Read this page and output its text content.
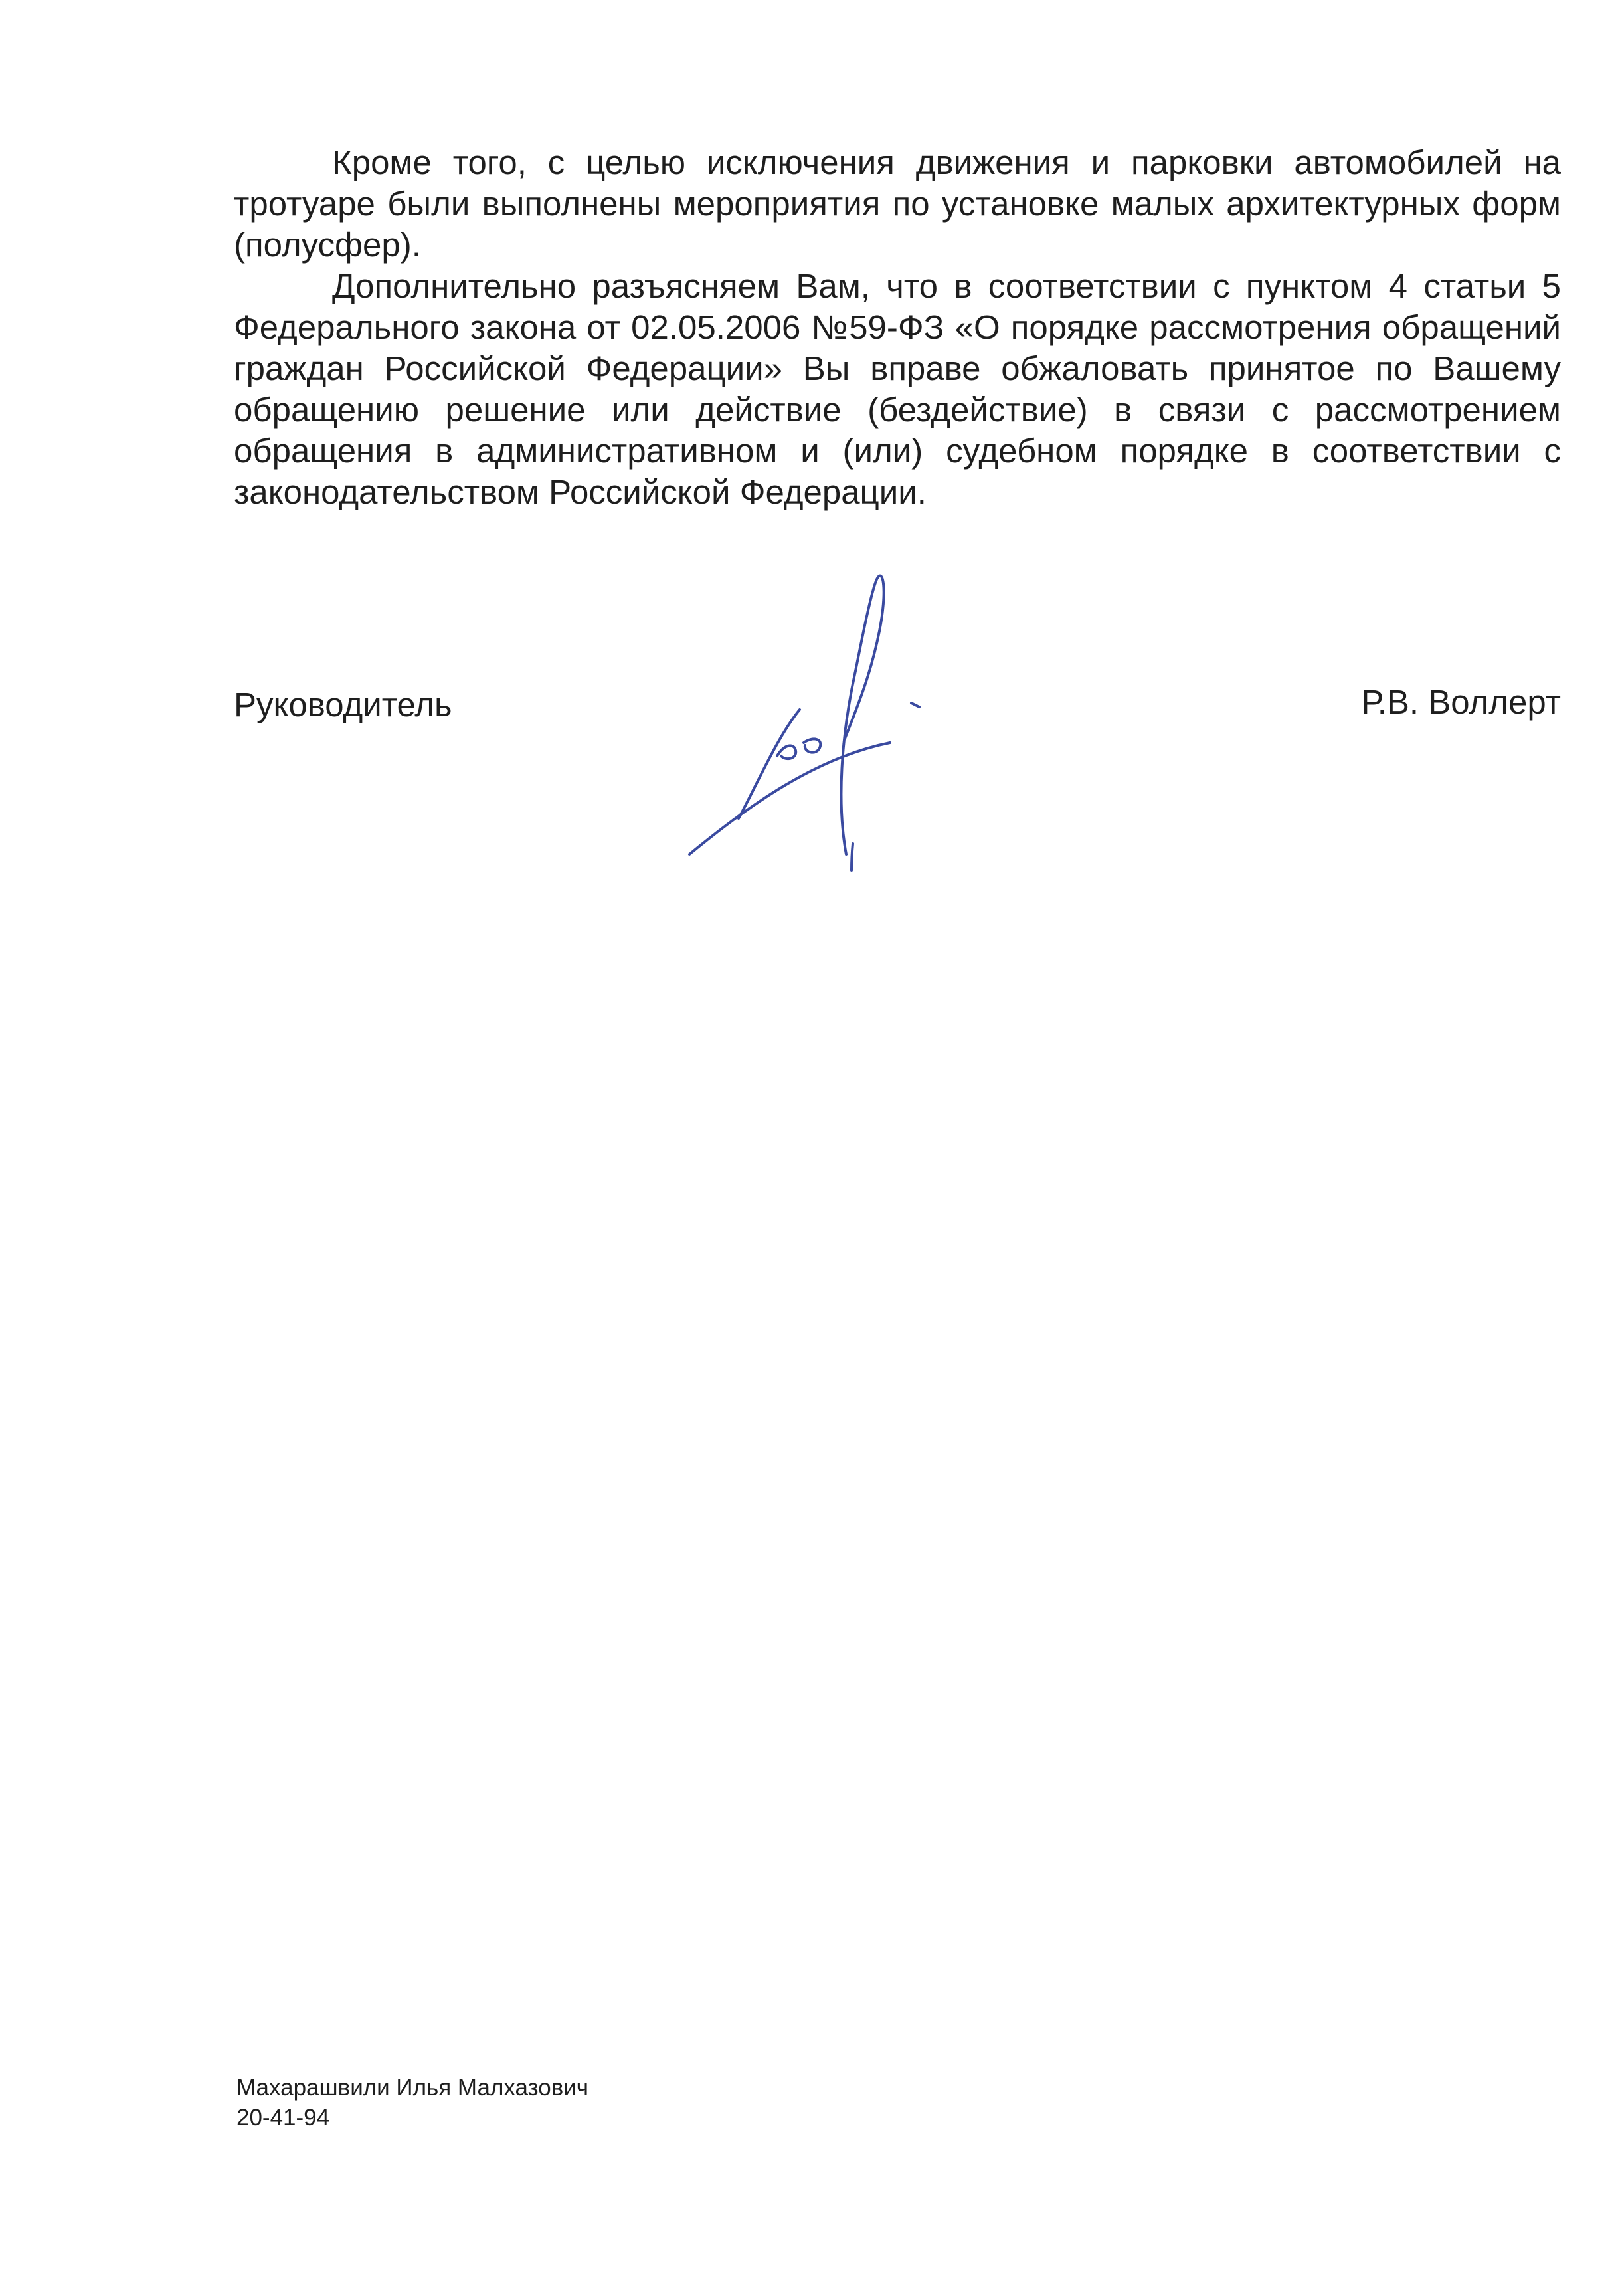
Кроме того, с целью исключения движения и парковки автомобилей на тротуаре были выполнены мероприятия по установке малых архитектурных форм (полусфер).

Дополнительно разъясняем Вам, что в соответствии с пунктом 4 статьи 5 Федерального закона от 02.05.2006 №59-ФЗ «О порядке рассмотрения обращений граждан Российской Федерации» Вы вправе обжаловать принятое по Вашему обращению решение или действие (бездействие) в связи с рассмотрением обращения в административном и (или) судебном порядке в соответствии с законодательством Российской Федерации.

Руководитель	Р.В. Воллерт
Махарашвили Илья Малхазович
20-41-94
